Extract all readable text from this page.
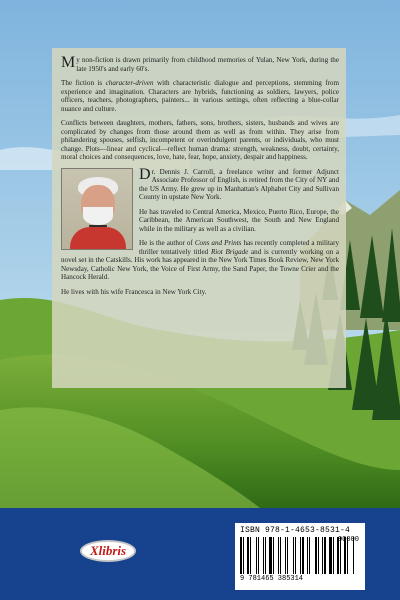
My non-fiction is drawn primarily from childhood memories of Yulan, New York, during the late 1950's and early 60's.

The fiction is character-driven with characteristic dialogue and perceptions, stemming from experience and imagination. Characters are hybrids, functioning as soldiers, lawyers, police officers, teachers, photographers, painters... in various settings, often reflecting a blue-collar nuance and culture.

Conflicts between daughters, mothers, fathers, sons, brothers, sisters, husbands and wives are complicated by changes from those around them as well as from within. They arise from philandering spouses, selfish, incompetent or overindulgent parents, or individuals, who must change. Plots—linear and cyclical—reflect human drama: strength, weakness, doubt, certainty, moral choices and consequences, love, hate, fear, hope, anxiety, despair and happiness.

Dr. Dennis J. Carroll, a freelance writer and former Adjunct Associate Professor of English, is retired from the City of NY and the US Army. He grew up in Manhattan's Alphabet City and Sullivan County in upstate New York.

He has traveled to Central America, Mexico, Puerto Rico, Europe, the Caribbean, the American Southwest, the South and New England while in the military as well as a civilian.

He is the author of Cons and Prints has recently completed a military thriller tentatively titled Riot Brigade and is currently working on a novel set in the Catskills. His work has appeared in the New York Times Book Review, New York Newsday, Catholic New York, the Voice of First Army, the Sand Paper, the Towne Crier and the Hancock Herald.

He lives with his wife Francesca in New York City.

Xlibris
ISBN 978-1-4653-8531-4
90000
9 781465 385314
